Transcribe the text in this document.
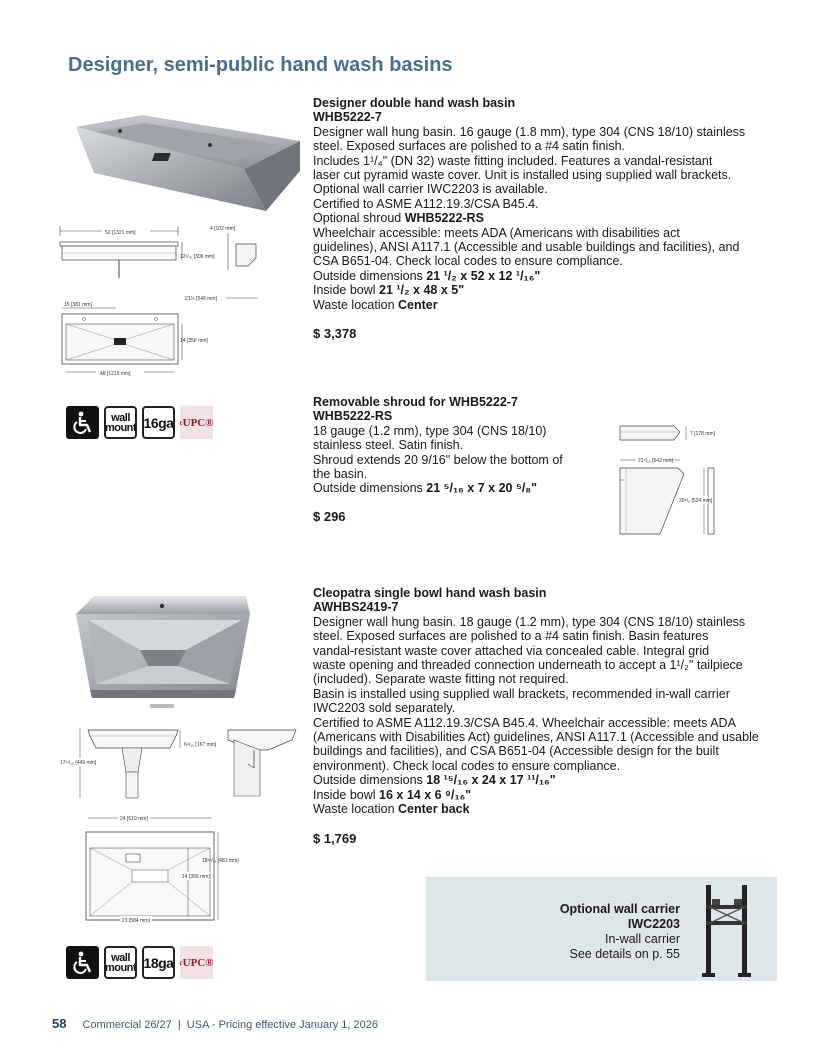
Designer, semi-public hand wash basins
52 [1321 mm]
12¹/₁₆ [306 mm]
4 [102 mm]
15 [381 mm]
21½ [546 mm]
14 [356 mm]
48 [1219 mm]
Designer double hand wash basin
WHB5222-7
Designer wall hung basin. 16 gauge (1.8 mm), type 304 (CNS 18/10) stainless
steel. Exposed surfaces are polished to a #4 satin finish.
Includes 1¹/₄" (DN 32) waste fitting included. Features a vandal-resistant
laser cut pyramid waste cover. Unit is installed using supplied wall brackets.
Optional wall carrier IWC2203 is available.
Certified to ASME A112.19.3/CSA B45.4.
Optional shroud WHB5222-RS
Wheelchair accessible: meets ADA (Americans with disabilities act
guidelines), ANSI A117.1 (Accessible and usable buildings and facilities), and
CSA B651-04. Check local codes to ensure compliance.
Outside dimensions 21 ¹/₂ x 52 x 12 ¹/₁₆"
Inside bowl 21 ¹/₂ x 48 x 5"
Waste location Center
$ 3,378
wall
mount 16ga c UPC ®
Removable shroud for WHB5222-7
WHB5222-RS
18 gauge (1.2 mm), type 304 (CNS 18/10)
stainless steel. Satin finish.
Shroud extends 20 9/16" below the bottom of
the basin.
Outside dimensions 21 ⁵/₁₆ x 7 x 20 ⁵/₈"
$ 296
7 [178 mm]
21⁵/₁₆ [542 mm]
20⁵/₈ [524 mm]
17¹¹/₁₆ [449 mm]
6⁹/₁₆ [167 mm]
24 [610 mm]
14 [356 mm]
18¹⁵/₁₆ [481 mm]
23 [584 mm]
Cleopatra single bowl hand wash basin
AWHBS2419-7
Designer wall hung basin. 18 gauge (1.2 mm), type 304 (CNS 18/10) stainless
steel. Exposed surfaces are polished to a #4 satin finish. Basin features
vandal-resistant waste cover attached via concealed cable. Integral grid
waste opening and threaded connection underneath to accept a 1¹/₂" tailpiece
(included). Separate waste fitting not required.
Basin is installed using supplied wall brackets, recommended in-wall carrier
IWC2203 sold separately.
Certified to ASME A112.19.3/CSA B45.4. Wheelchair accessible: meets ADA
(Americans with Disabilities Act) guidelines, ANSI A117.1 (Accessible and usable
buildings and facilities), and CSA B651-04 (Accessible design for the built
environment). Check local codes to ensure compliance.
Outside dimensions 18 ¹⁵/₁₆ x 24 x 17 ¹¹/₁₆"
Inside bowl 16 x 14 x 6 ⁹/₁₆"
Waste location Center back
$ 1,769
wall
mount 18ga c UPC ®
Optional wall carrier
IWC2203
In-wall carrier
See details on p. 55
58 Commercial 26/27  |  USA - Pricing effective January 1, 2026
